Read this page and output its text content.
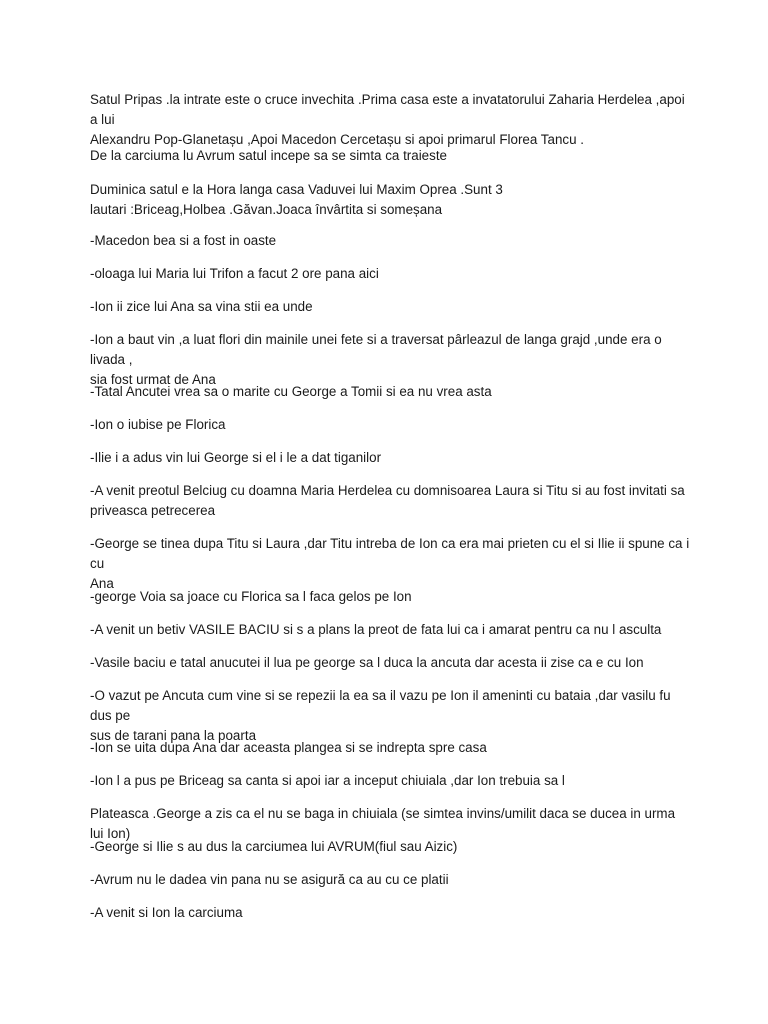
Satul Pripas .la intrate este o cruce invechita .Prima casa este a invatatorului Zaharia Herdelea ,apoi a lui
Alexandru Pop-Glanetașu ,Apoi Macedon Cercetașu si apoi primarul Florea Tancu .

De la carciuma lu Avrum satul incepe sa se simta ca traieste

Duminica satul e la Hora langa casa Vaduvei lui Maxim Oprea .Sunt 3
lautari :Briceag,Holbea .Găvan.Joaca învârtita si someșana

-Macedon bea si a fost in oaste

-oloaga lui Maria lui Trifon a facut 2 ore pana aici

-Ion ii zice lui Ana sa vina stii ea unde

-Ion a baut vin ,a luat flori din mainile unei fete si a traversat pârleazul de langa grajd ,unde era o livada ,
sia fost urmat de Ana

-Tatal Ancutei vrea sa o marite cu George a Tomii si ea nu vrea asta

-Ion o iubise pe Florica

-Ilie i a adus vin lui George si el i le a dat tiganilor

-A venit preotul Belciug cu doamna Maria Herdelea cu domnisoarea Laura si Titu si au fost invitati sa
priveasca petrecerea

-George se tinea dupa Titu si Laura ,dar Titu intreba de Ion ca era mai prieten cu el si Ilie ii spune ca i cu
Ana

-george Voia sa joace cu Florica sa l faca gelos pe Ion

-A venit un betiv VASILE BACIU si s a plans la preot de fata lui ca i amarat pentru ca nu l asculta

-Vasile baciu e tatal anucutei il lua pe george sa l duca la ancuta dar acesta ii zise ca e cu Ion

-O vazut pe Ancuta cum vine si se repezii la ea sa il vazu pe Ion il ameninti cu bataia ,dar vasilu fu dus pe
sus de tarani pana la poarta

-Ion se uita dupa Ana dar aceasta plangea si se indrepta spre casa

-Ion l a pus pe Briceag sa canta si apoi iar a inceput chiuiala ,dar Ion trebuia sa l

Plateasca .George a zis ca el nu se baga in chiuiala (se simtea invins/umilit daca se ducea in urma lui Ion)

-George si Ilie s au dus la carciumea lui AVRUM(fiul sau Aizic)

-Avrum nu le dadea vin pana nu se asigură ca au cu ce platii

-A venit si Ion la carciuma
